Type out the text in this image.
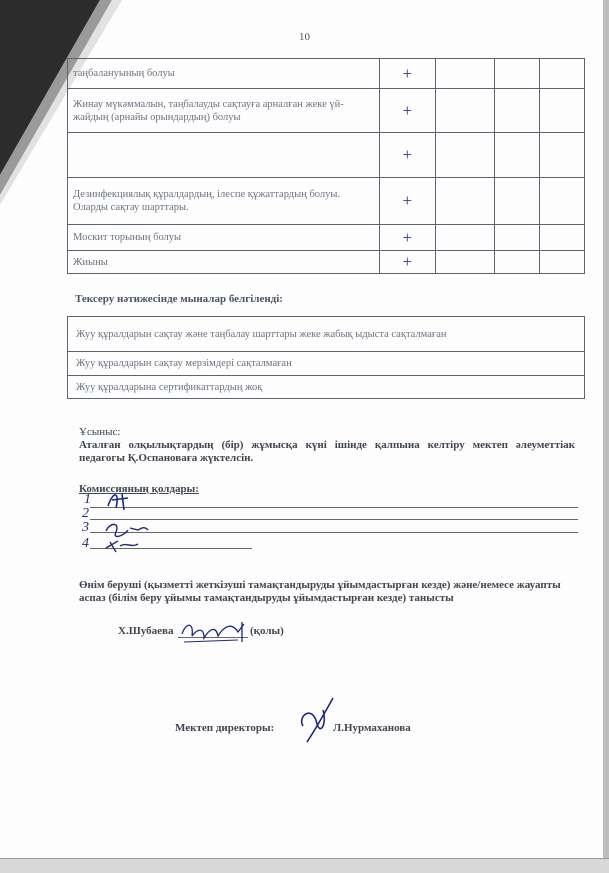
10
таңбалануының болуы	+			
Жинау мүкәммалын, таңбалауды сақтауға арналған жеке үй-жайдың (арнайы орындардың) болуы	+			
	+			
Дезинфекциялық құралдардың, ілеспе құжаттардың болуы. Оларды сақтау шарттары.	+			
Москит торының болуы	+			
Жиыны	+			
Тексеру нәтижесінде мыналар белгіленді:
Жуу құралдарын сақтау және таңбалау шарттары жеке жабық ыдыста сақталмаған
Жуу құралдарын сақтау мерзімдері сақталмаған
Жуу құралдарына сертификаттардың жоқ
Ұсыныс:
Аталған олқылықтардың (бір) жұмысқа күні ішінде қалпына келтіру мектеп әлеуметтіак педагогы Қ.Оспановаға жүктелсін.
Комиссияның қолдары:
1
2
3
4
Өнім беруші (қызметті жеткізуші тамақтандыруды ұйымдастырған кезде) және/немесе жауапты аспаз (білім беру ұйымы тамақтандыруды ұйымдастырған кезде) танысты
Х.Шубаева	(қолы)
Мектеп директоры:	Л.Нурмаханова
